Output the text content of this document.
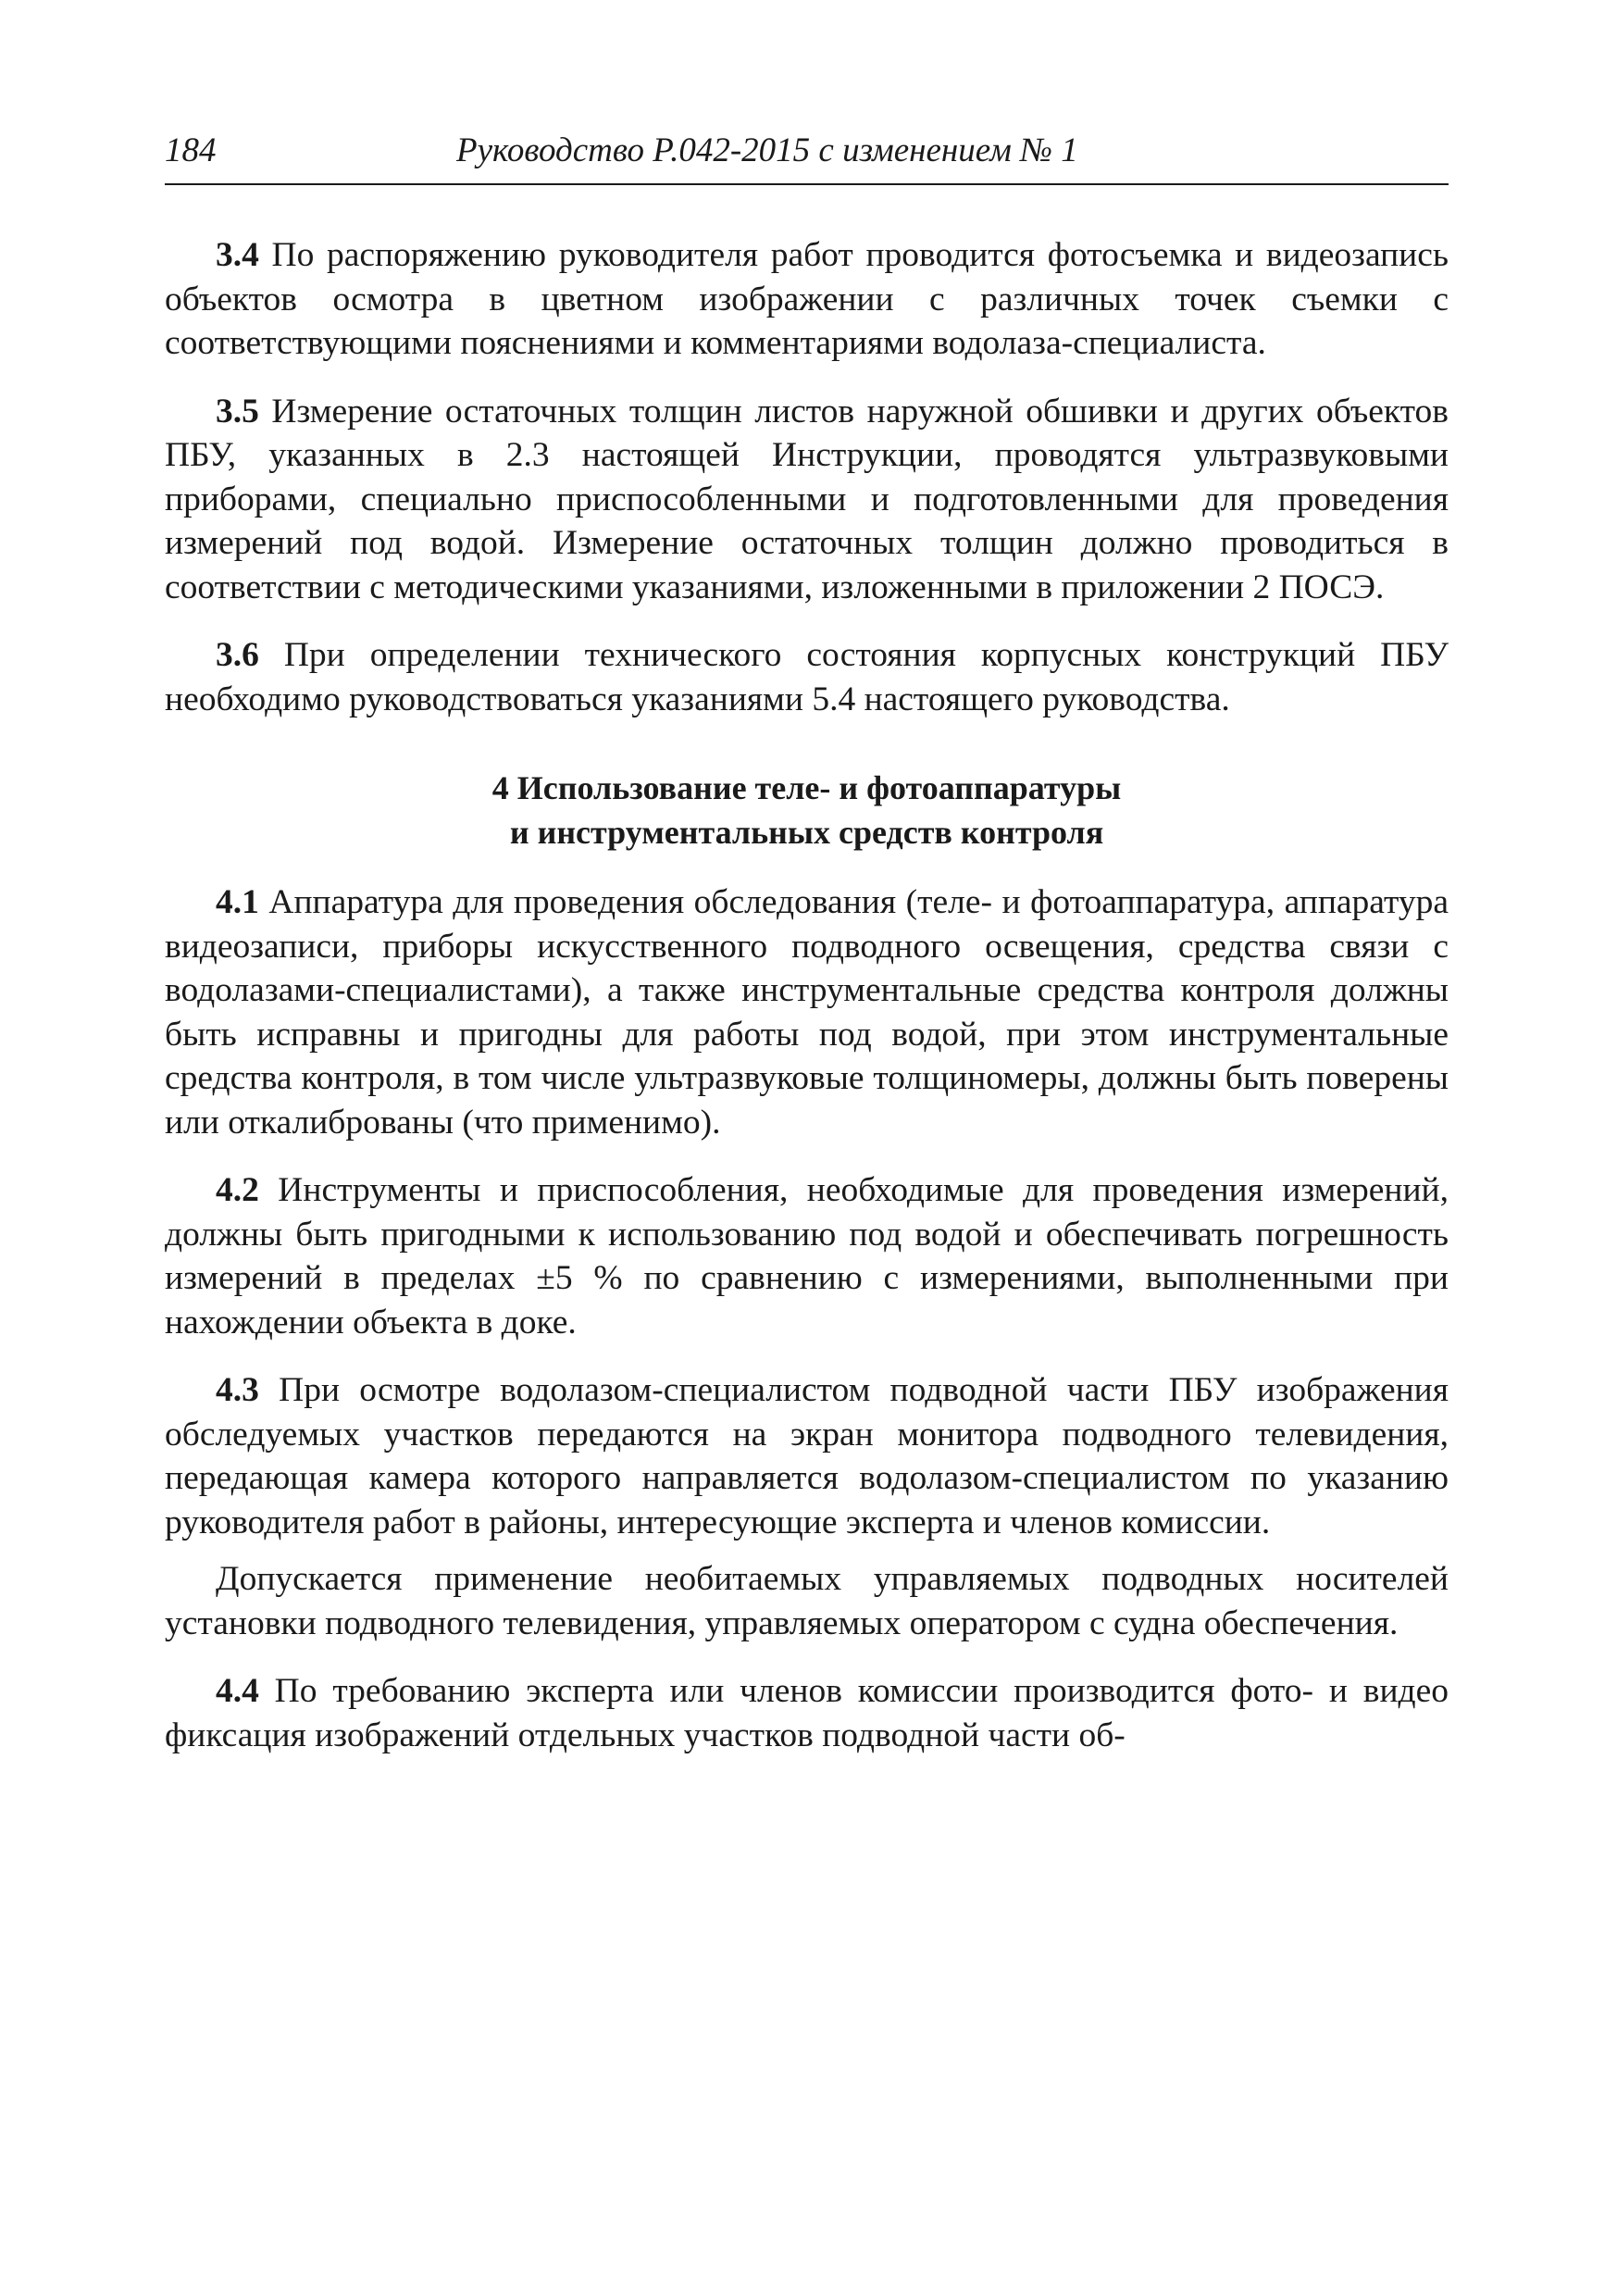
184	Руководство Р.042-2015 с изменением № 1

3.4 По распоряжению руководителя работ проводится фотосъемка и видеозапись объектов осмотра в цветном изображении с различных точек съемки с соответствующими пояснениями и комментариями водолаза-специалиста.

3.5 Измерение остаточных толщин листов наружной обшивки и других объектов ПБУ, указанных в 2.3 настоящей Инструкции, проводятся ультразвуковыми приборами, специально приспособленными и подготовленными для проведения измерений под водой. Измерение остаточных толщин должно проводиться в соответствии с методическими указаниями, изложенными в приложении 2 ПОСЭ.

3.6 При определении технического состояния корпусных конструкций ПБУ необходимо руководствоваться указаниями 5.4 настоящего руководства.

4 Использование теле- и фотоаппаратуры
и инструментальных средств контроля

4.1 Аппаратура для проведения обследования (теле- и фотоаппаратура, аппаратура видеозаписи, приборы искусственного подводного освещения, средства связи с водолазами-специалистами), а также инструментальные средства контроля должны быть исправны и пригодны для работы под водой, при этом инструментальные средства контроля, в том числе ультразвуковые толщиномеры, должны быть поверены или откалиброваны (что применимо).

4.2 Инструменты и приспособления, необходимые для проведения измерений, должны быть пригодными к использованию под водой и обеспечивать погрешность измерений в пределах ±5 % по сравнению с измерениями, выполненными при нахождении объекта в доке.

4.3 При осмотре водолазом-специалистом подводной части ПБУ изображения обследуемых участков передаются на экран монитора подводного телевидения, передающая камера которого направляется водолазом-специалистом по указанию руководителя работ в районы, интересующие эксперта и членов комиссии.

Допускается применение необитаемых управляемых подводных носителей установки подводного телевидения, управляемых оператором с судна обеспечения.

4.4 По требованию эксперта или членов комиссии производится фото- и видео фиксация изображений отдельных участков подводной части об-
